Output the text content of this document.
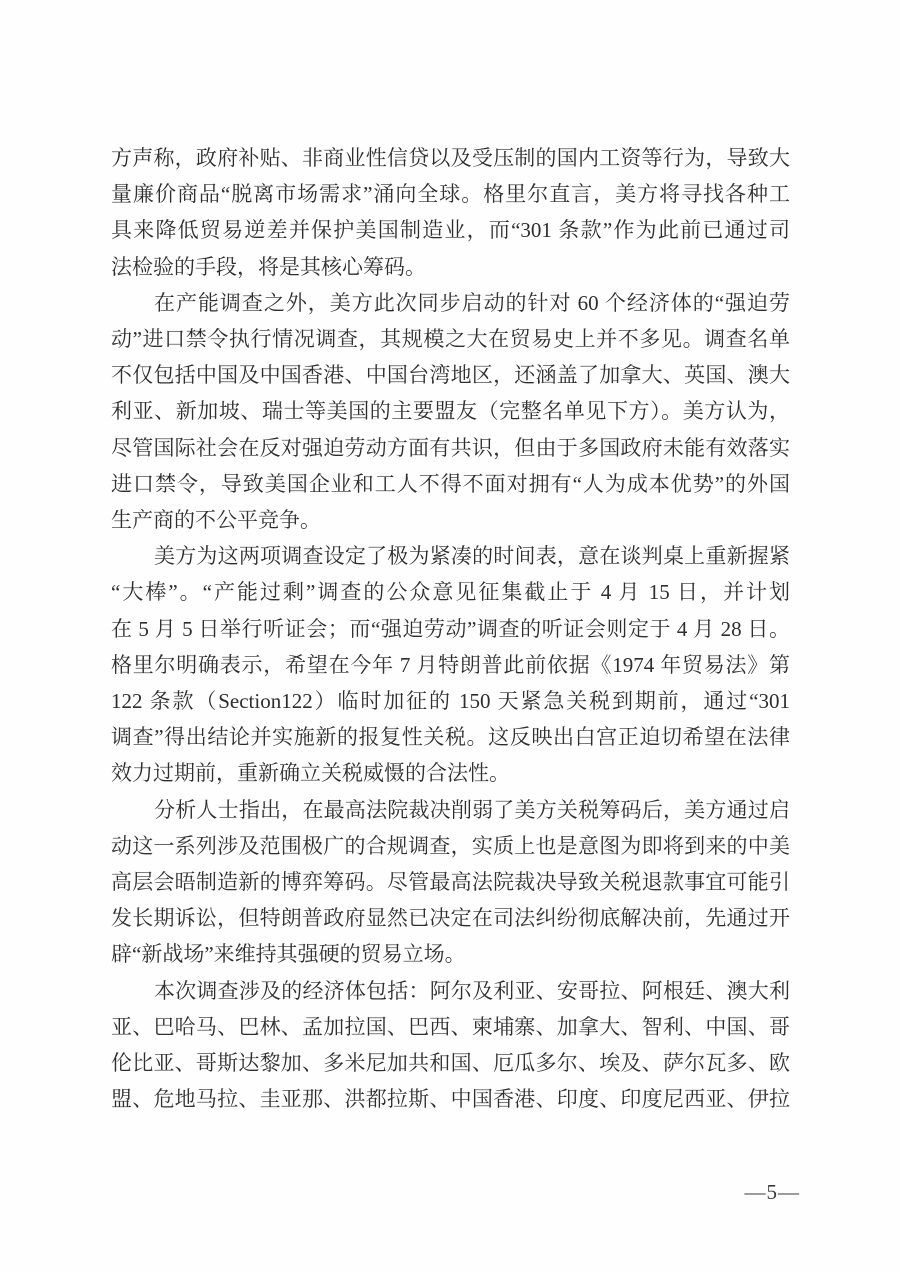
方声称，政府补贴、非商业性信贷以及受压制的国内工资等行为，导致大
量廉价商品“脱离市场需求”涌向全球。格里尔直言，美方将寻找各种工
具来降低贸易逆差并保护美国制造业，而“301 条款”作为此前已通过司
法检验的手段，将是其核心筹码。
在产能调查之外，美方此次同步启动的针对 60 个经济体的“强迫劳
动”进口禁令执行情况调查，其规模之大在贸易史上并不多见。调查名单
不仅包括中国及中国香港、中国台湾地区，还涵盖了加拿大、英国、澳大
利亚、新加坡、瑞士等美国的主要盟友（完整名单见下方）。美方认为，
尽管国际社会在反对强迫劳动方面有共识，但由于多国政府未能有效落实
进口禁令，导致美国企业和工人不得不面对拥有“人为成本优势”的外国
生产商的不公平竞争。
美方为这两项调查设定了极为紧凑的时间表，意在谈判桌上重新握紧
“大棒”。“产能过剩”调查的公众意见征集截止于 4 月 15 日，并计划
在 5 月 5 日举行听证会；而“强迫劳动”调查的听证会则定于 4 月 28 日。
格里尔明确表示，希望在今年 7 月特朗普此前依据《1974 年贸易法》第
122 条款（Section122）临时加征的 150 天紧急关税到期前，通过“301
调查”得出结论并实施新的报复性关税。这反映出白宫正迫切希望在法律
效力过期前，重新确立关税威慑的合法性。
分析人士指出，在最高法院裁决削弱了美方关税筹码后，美方通过启
动这一系列涉及范围极广的合规调查，实质上也是意图为即将到来的中美
高层会晤制造新的博弈筹码。尽管最高法院裁决导致关税退款事宜可能引
发长期诉讼，但特朗普政府显然已决定在司法纠纷彻底解决前，先通过开
辟“新战场”来维持其强硬的贸易立场。
本次调查涉及的经济体包括：阿尔及利亚、安哥拉、阿根廷、澳大利
亚、巴哈马、巴林、孟加拉国、巴西、柬埔寨、加拿大、智利、中国、哥
伦比亚、哥斯达黎加、多米尼加共和国、厄瓜多尔、埃及、萨尔瓦多、欧
盟、危地马拉、圭亚那、洪都拉斯、中国香港、印度、印度尼西亚、伊拉
—5—
